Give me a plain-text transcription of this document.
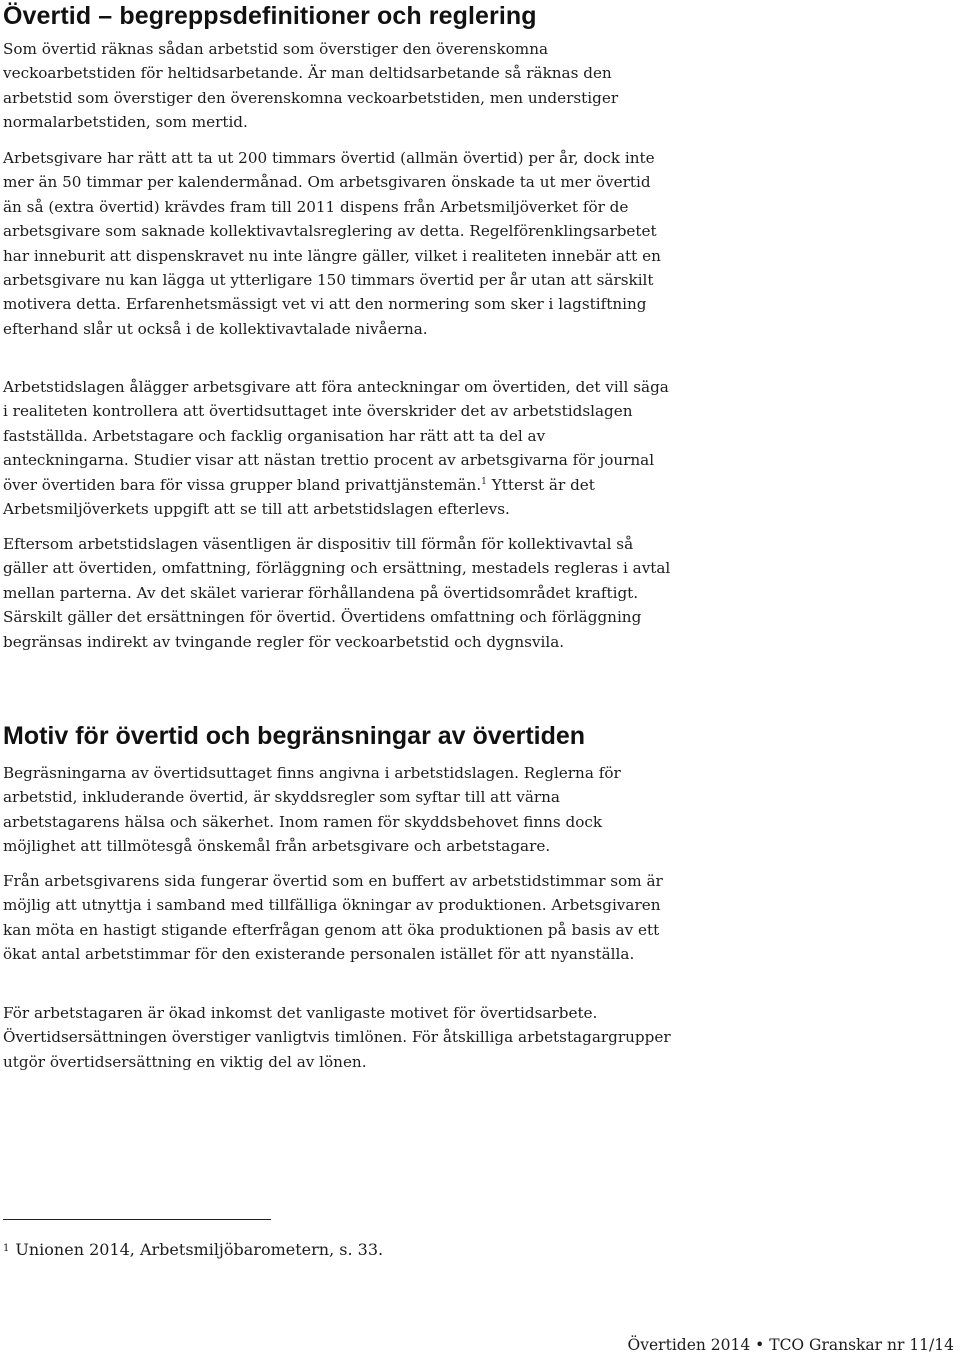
Övertid – begreppsdefinitioner och reglering

Som övertid räknas sådan arbetstid som överstiger den överenskomna veckoarbetstiden för heltidsarbetande. Är man deltidsarbetande så räknas den arbetstid som överstiger den överenskomna veckoarbetstiden, men understiger normalarbetstiden, som mertid.

Arbetsgivare har rätt att ta ut 200 timmars övertid (allmän övertid) per år, dock inte mer än 50 timmar per kalendermånad. Om arbetsgivaren önskade ta ut mer övertid än så (extra övertid) krävdes fram till 2011 dispens från Arbetsmiljöverket för de arbetsgivare som saknade kollektivavtalsreglering av detta. Regelförenklingsarbetet har inneburit att dispenskravet nu inte längre gäller, vilket i realiteten innebär att en arbetsgivare nu kan lägga ut ytterligare 150 timmars övertid per år utan att särskilt motivera detta. Erfarenhetsmässigt vet vi att den normering som sker i lagstiftning efterhand slår ut också i de kollektivavtalade nivåerna.

Arbetstidslagen ålägger arbetsgivare att föra anteckningar om övertiden, det vill säga i realiteten kontrollera att övertidsuttaget inte överskrider det av arbetstidslagen fastställda. Arbetstagare och facklig organisation har rätt att ta del av anteckningarna. Studier visar att nästan trettio procent av arbetsgivarna för journal över övertiden bara för vissa grupper bland privattjänstemän.$^1$ Ytterst är det Arbetsmiljöverkets uppgift att se till att arbetstidslagen efterlevs.

Eftersom arbetstidslagen väsentligen är dispositiv till förmån för kollektivavtal så gäller att övertiden, omfattning, förläggning och ersättning, mestadels regleras i avtal mellan parterna. Av det skälet varierar förhållandena på övertidsområdet kraftigt. Särskilt gäller det ersättningen för övertid. Övertidens omfattning och förläggning begränsas indirekt av tvingande regler för veckoarbetstid och dygnsvila.

Motiv för övertid och begränsningar av övertiden

Begräsningarna av övertidsuttaget finns angivna i arbetstidslagen. Reglerna för arbetstid, inkluderande övertid, är skyddsregler som syftar till att värna arbetstagarens hälsa och säkerhet. Inom ramen för skyddsbehovet finns dock möjlighet att tillmötesgå önskemål från arbetsgivare och arbetstagare.

Från arbetsgivarens sida fungerar övertid som en buffert av arbetstidstimmar som är möjlig att utnyttja i samband med tillfälliga ökningar av produktionen. Arbetsgivaren kan möta en hastigt stigande efterfrågan genom att öka produktionen på basis av ett ökat antal arbetstimmar för den existerande personalen istället för att nyanställa.

För arbetstagaren är ökad inkomst det vanligaste motivet för övertidsarbete. Övertidsersättningen överstiger vanligtvis timlönen. För åtskilliga arbetstagargrupper utgör övertidsersättning en viktig del av lönen.

$^1$ Unionen 2014, Arbetsmiljöbarometern, s. 33.

Övertiden 2014 • TCO Granskar nr 11/14
